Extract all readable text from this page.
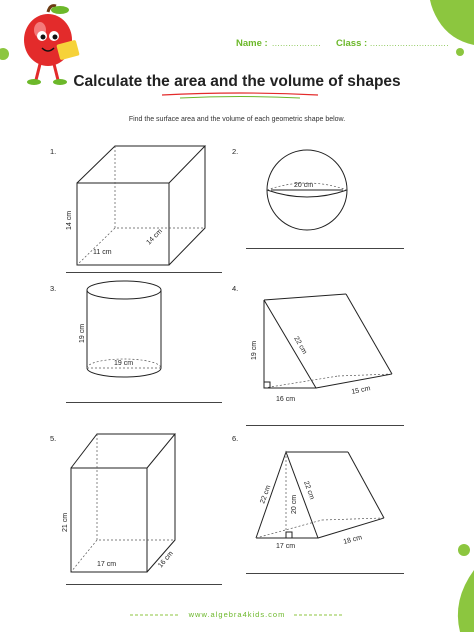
Name : .................. Class : .............................
Calculate the area and the volume of shapes
Find the surface area and the volume of each geometric shape below.
1.
14 cm
11 cm
14 cm
2.
20 cm
3.
19 cm
19 cm
4.
19 cm	22 cm
16 cm
15 cm
5.
21 cm
17 cm	16 cm
6.
22 cm	20 cm
22 cm
17 cm
18 cm
www.algebra4kids.com
